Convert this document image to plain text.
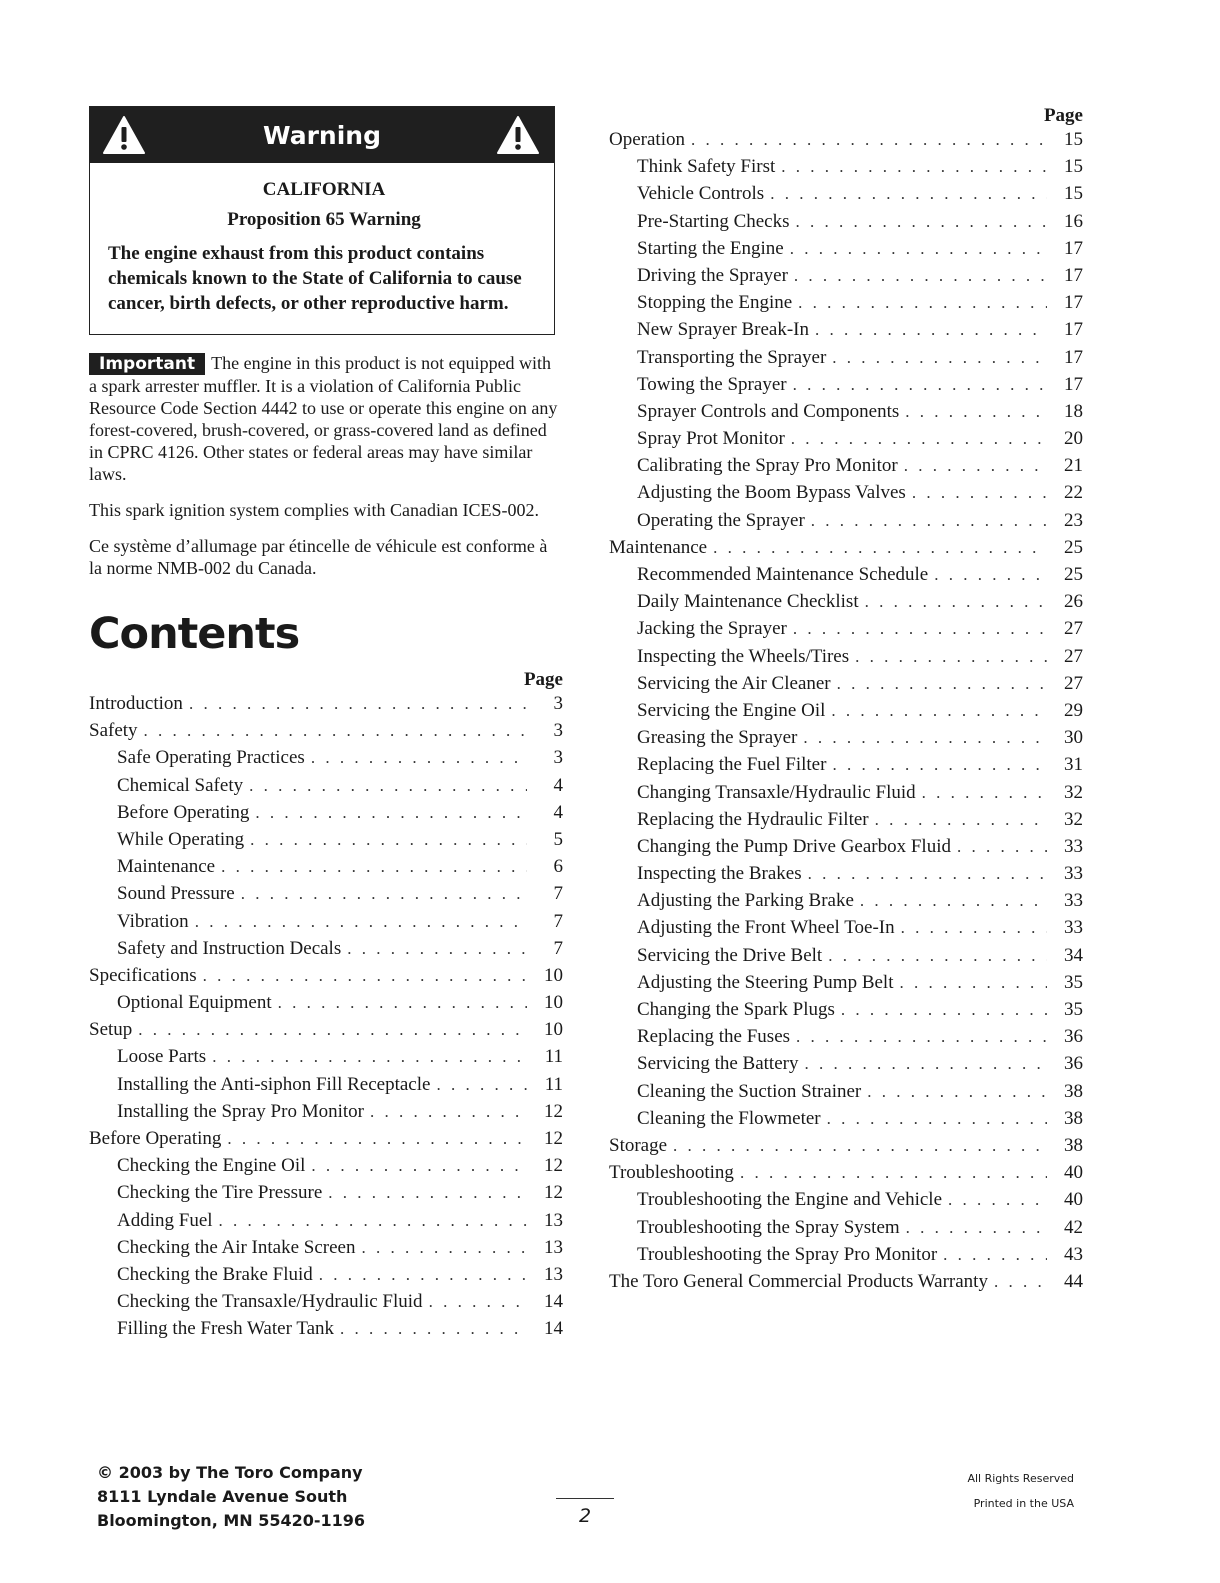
Warning
CALIFORNIA
Proposition 65 Warning
The engine exhaust from this product contains chemicals known to the State of California to cause cancer, birth defects, or other reproductive harm.
Important The engine in this product is not equipped with a spark arrester muffler. It is a violation of California Public Resource Code Section 4442 to use or operate this engine on any forest-covered, brush-covered, or grass-covered land as defined in CPRC 4126. Other states or federal areas may have similar laws.
This spark ignition system complies with Canadian ICES-002.
Ce système d’allumage par étincelle de véhicule est conforme à la norme NMB-002 du Canada.
Contents
Page
Introduction . . .	3
Safety . . .	3
Safe Operating Practices . . .	3
Chemical Safety . . .	4
Before Operating . . .	4
While Operating . . .	5
Maintenance . . .	6
Sound Pressure . . .	7
Vibration . . .	7
Safety and Instruction Decals . . .	7
Specifications . . .	10
Optional Equipment . . .	10
Setup . . .	10
Loose Parts . . .	11
Installing the Anti-siphon Fill Receptacle . . .	11
Installing the Spray Pro Monitor . . .	12
Before Operating . . .	12
Checking the Engine Oil . . .	12
Checking the Tire Pressure . . .	12
Adding Fuel . . .	13
Checking the Air Intake Screen . . .	13
Checking the Brake Fluid . . .	13
Checking the Transaxle/Hydraulic Fluid . . .	14
Filling the Fresh Water Tank . . .	14
Page
Operation . . .	15
Think Safety First . . .	15
Vehicle Controls . . .	15
Pre-Starting Checks . . .	16
Starting the Engine . . .	17
Driving the Sprayer . . .	17
Stopping the Engine . . .	17
New Sprayer Break-In . . .	17
Transporting the Sprayer . . .	17
Towing the Sprayer . . .	17
Sprayer Controls and Components . . .	18
Spray Prot Monitor . . .	20
Calibrating the Spray Pro Monitor . . .	21
Adjusting the Boom Bypass Valves . . .	22
Operating the Sprayer . . .	23
Maintenance . . .	25
Recommended Maintenance Schedule . . .	25
Daily Maintenance Checklist . . .	26
Jacking the Sprayer . . .	27
Inspecting the Wheels/Tires . . .	27
Servicing the Air Cleaner . . .	27
Servicing the Engine Oil . . .	29
Greasing the Sprayer . . .	30
Replacing the Fuel Filter . . .	31
Changing Transaxle/Hydraulic Fluid . . .	32
Replacing the Hydraulic Filter . . .	32
Changing the Pump Drive Gearbox Fluid . . .	33
Inspecting the Brakes . . .	33
Adjusting the Parking Brake . . .	33
Adjusting the Front Wheel Toe-In . . .	33
Servicing the Drive Belt . . .	34
Adjusting the Steering Pump Belt . . .	35
Changing the Spark Plugs . . .	35
Replacing the Fuses . . .	36
Servicing the Battery . . .	36
Cleaning the Suction Strainer . . .	38
Cleaning the Flowmeter . . .	38
Storage . . .	38
Troubleshooting . . .	40
Troubleshooting the Engine and Vehicle . . .	40
Troubleshooting the Spray System . . .	42
Troubleshooting the Spray Pro Monitor . . .	43
The Toro General Commercial Products Warranty . . .	44
© 2003 by The Toro Company
8111 Lyndale Avenue South
Bloomington, MN 55420-1196	2
All Rights Reserved
Printed in the USA
